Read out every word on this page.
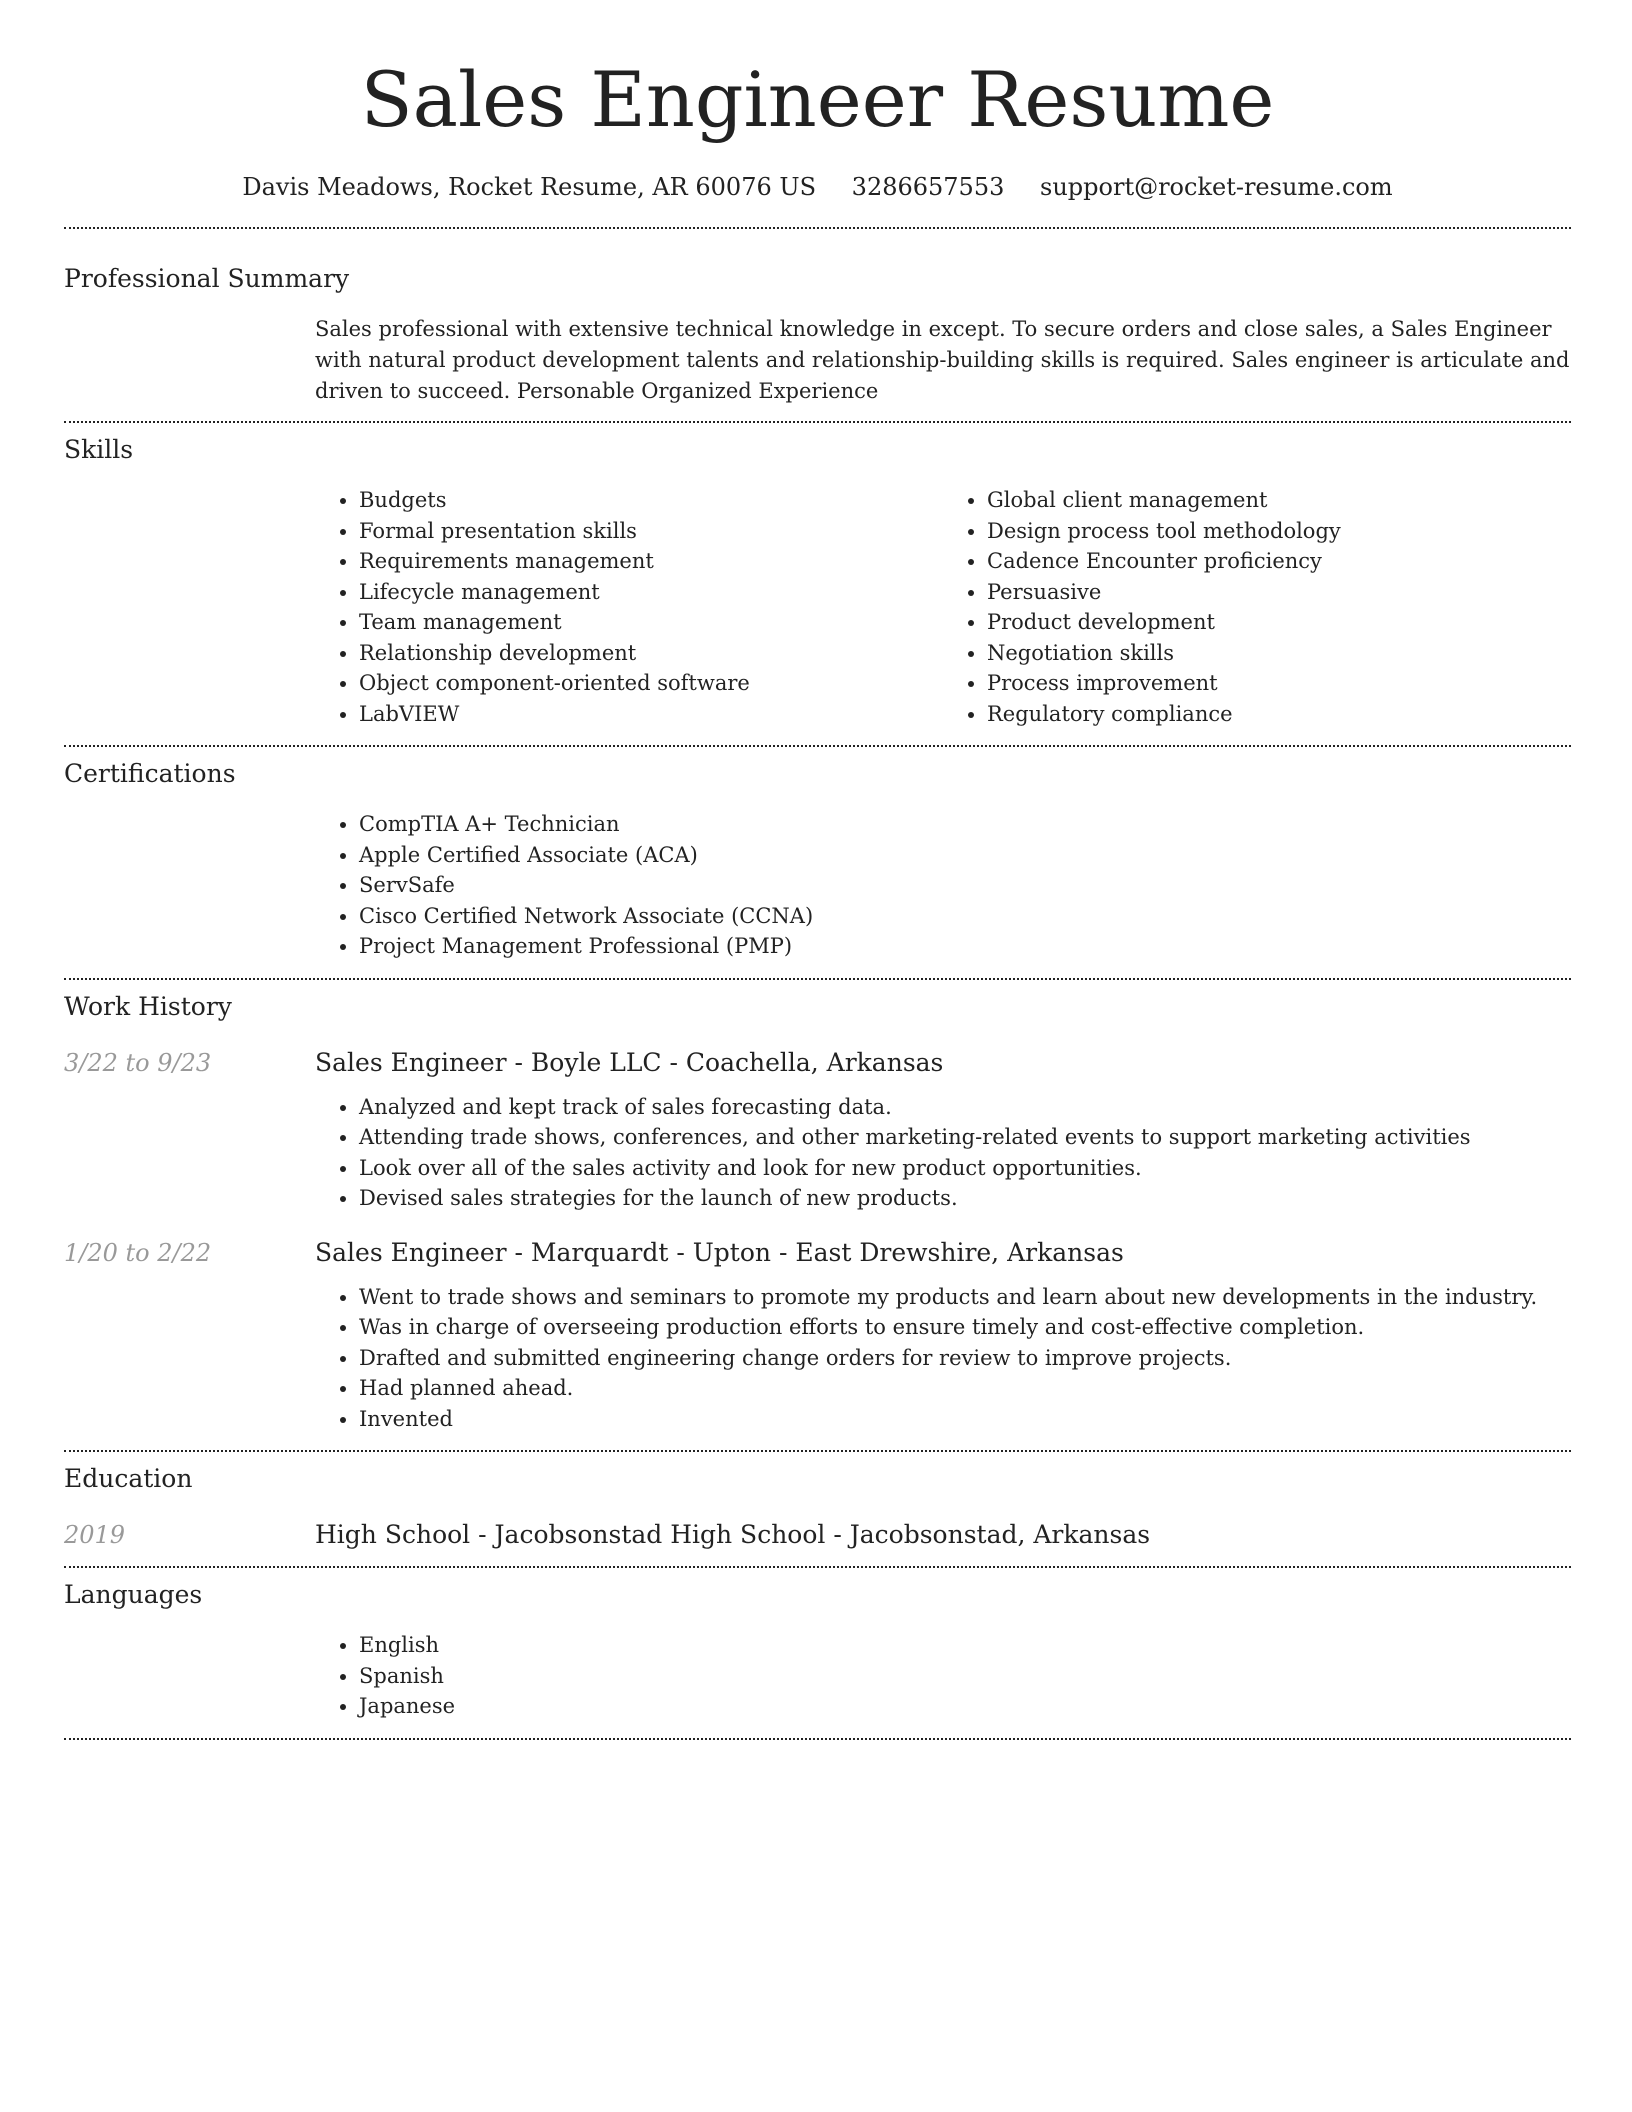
Sales Engineer Resume
Davis Meadows, Rocket Resume, AR 60076 US 3286657553 support@rocket-resume.com
Professional Summary
Sales professional with extensive technical knowledge in except. To secure orders and close sales, a Sales Engineer with natural product development talents and relationship-building skills is required. Sales engineer is articulate and driven to succeed. Personable Organized Experience
Skills
• Budgets
• Formal presentation skills
• Requirements management
• Lifecycle management
• Team management
• Relationship development
• Object component-oriented software
• LabVIEW
• Global client management
• Design process tool methodology
• Cadence Encounter proficiency
• Persuasive
• Product development
• Negotiation skills
• Process improvement
• Regulatory compliance
Certifications
• CompTIA A+ Technician
• Apple Certified Associate (ACA)
• ServSafe
• Cisco Certified Network Associate (CCNA)
• Project Management Professional (PMP)
Work History
3/22 to 9/23	Sales Engineer - Boyle LLC - Coachella, Arkansas
• Analyzed and kept track of sales forecasting data.
• Attending trade shows, conferences, and other marketing-related events to support marketing activities
• Look over all of the sales activity and look for new product opportunities.
• Devised sales strategies for the launch of new products.
1/20 to 2/22	Sales Engineer - Marquardt - Upton - East Drewshire, Arkansas
• Went to trade shows and seminars to promote my products and learn about new developments in the industry.
• Was in charge of overseeing production efforts to ensure timely and cost-effective completion.
• Drafted and submitted engineering change orders for review to improve projects.
• Had planned ahead.
• Invented
Education
2019	High School - Jacobsonstad High School - Jacobsonstad, Arkansas
Languages
• English
• Spanish
• Japanese
